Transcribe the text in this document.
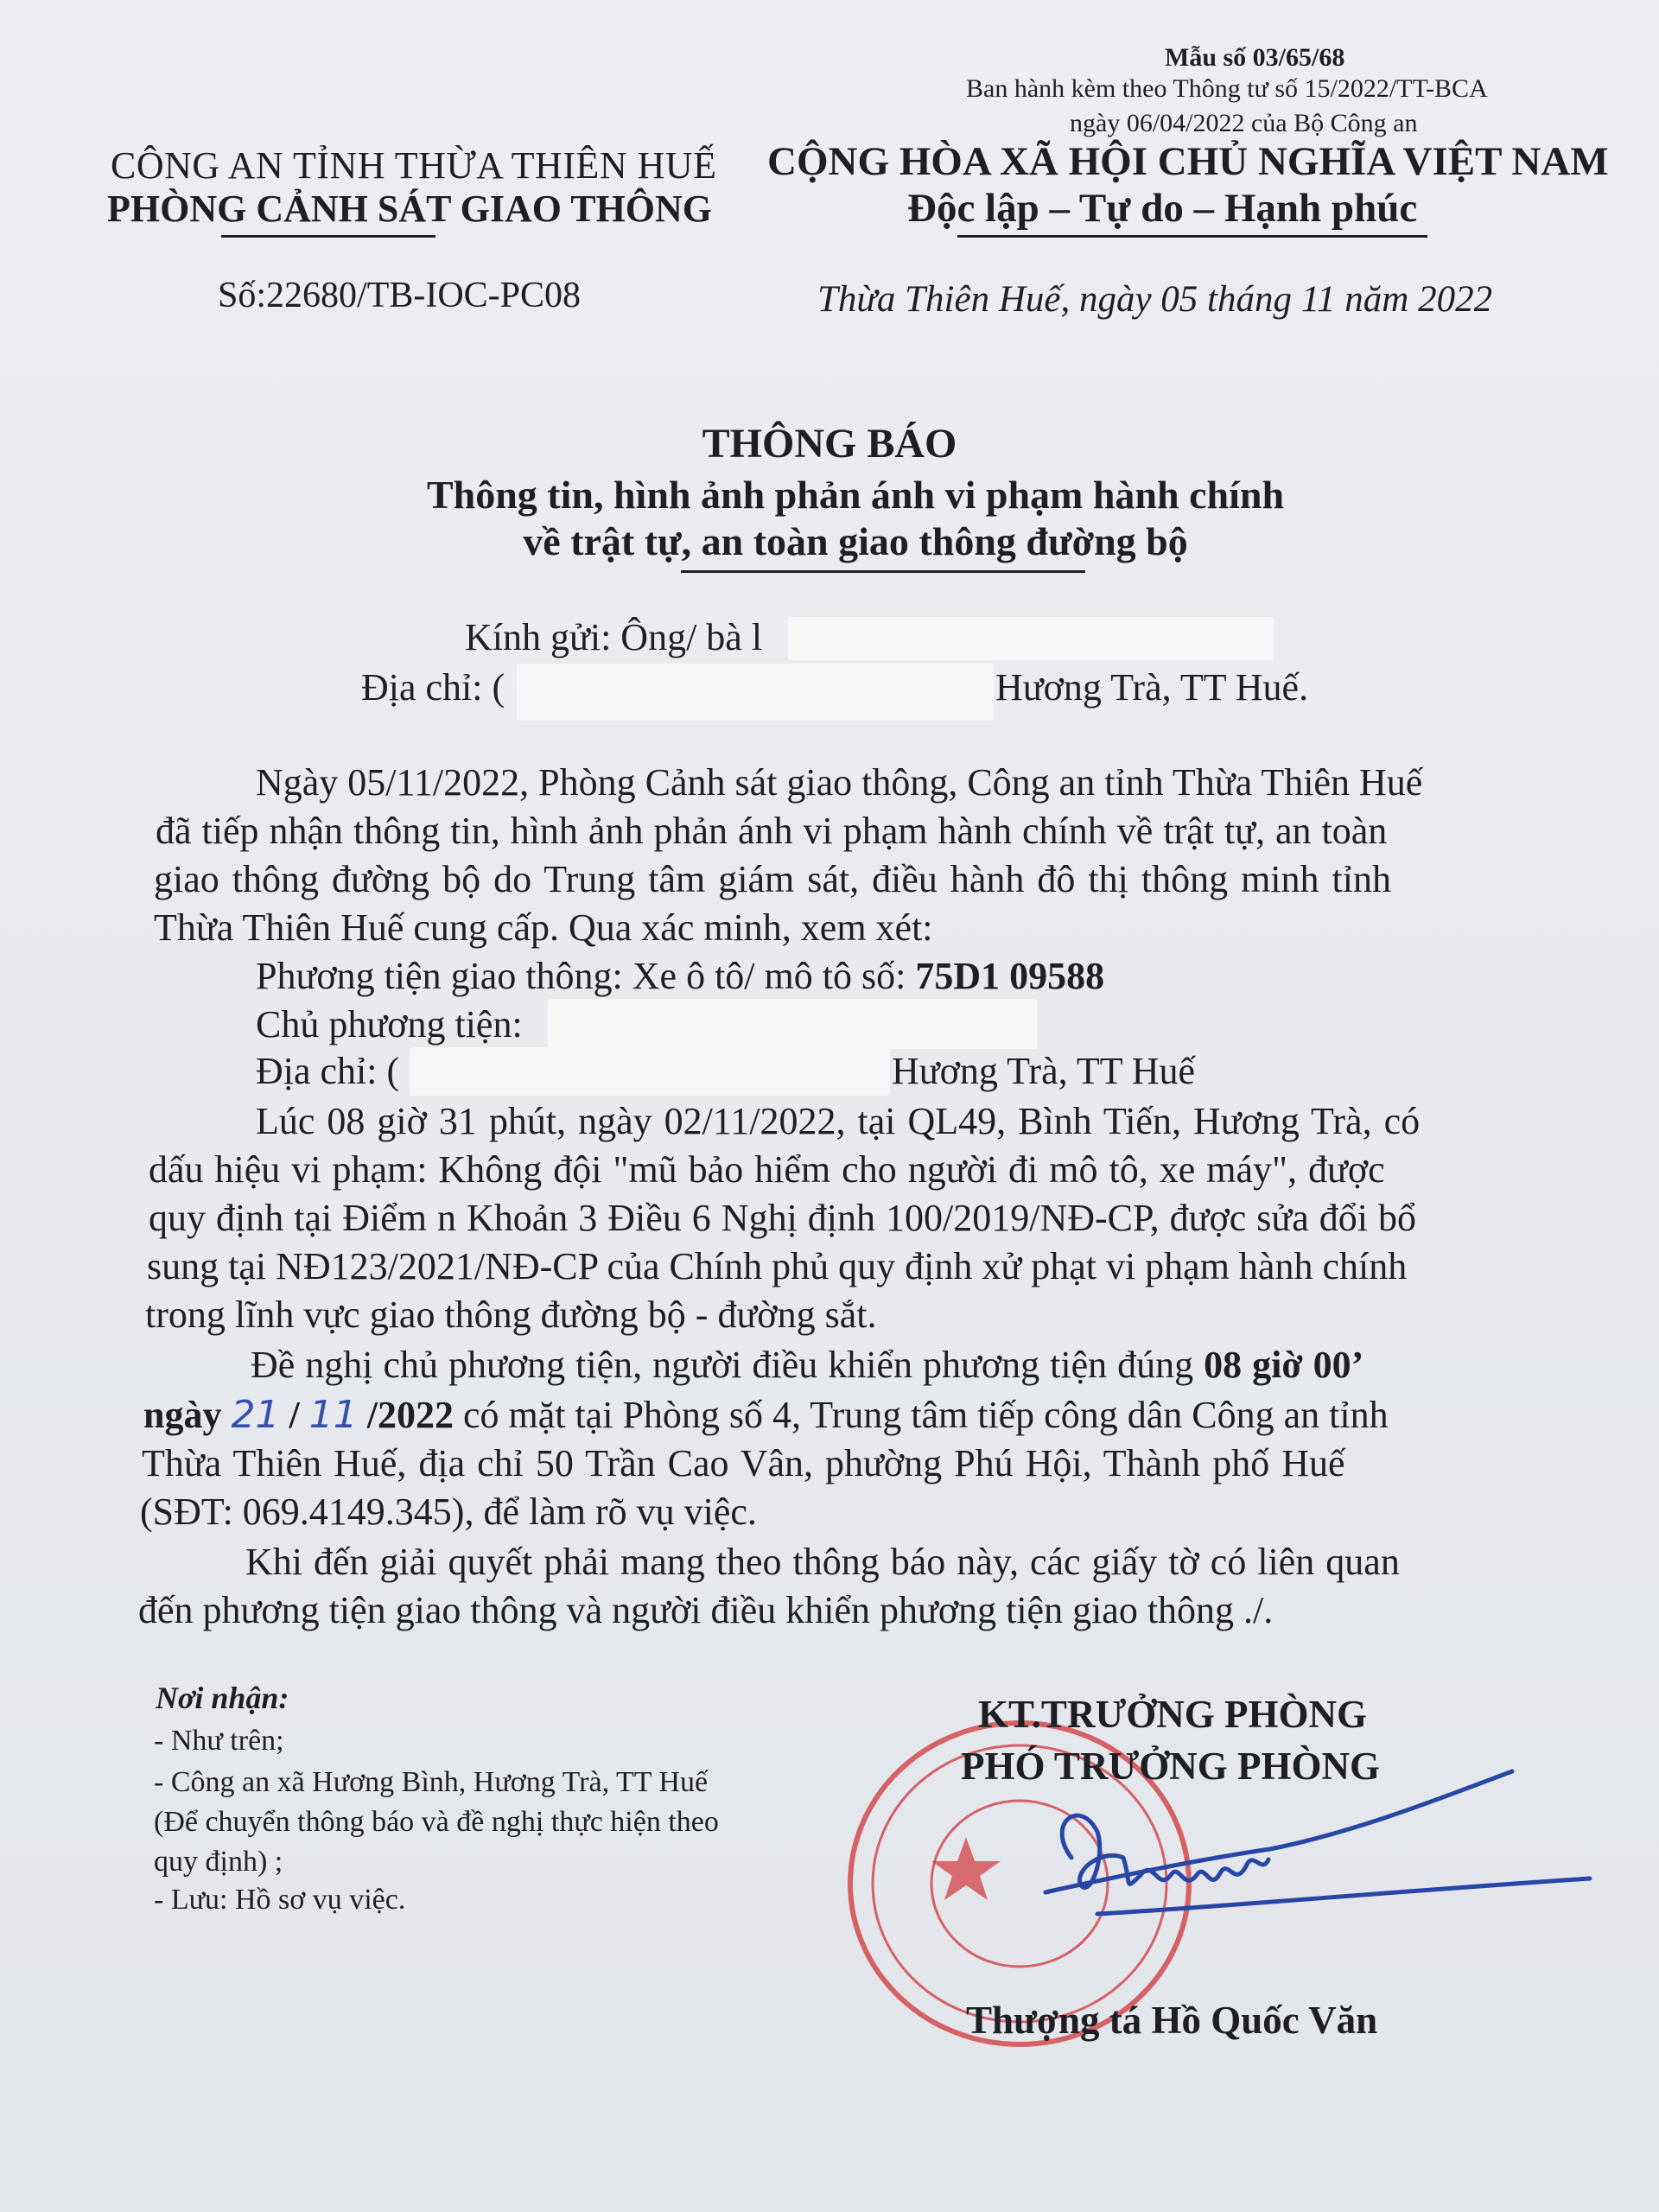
Mẫu số 03/65/68
Ban hành kèm theo Thông tư số 15/2022/TT-BCA
ngày 06/04/2022 của Bộ Công an
CÔNG AN TỈNH THỪA THIÊN HUẾ
PHÒNG CẢNH SÁT GIAO THÔNG
CỘNG HÒA XÃ HỘI CHỦ NGHĨA VIỆT NAM
Độc lập – Tự do – Hạnh phúc
Số:22680/TB-IOC-PC08	Thừa Thiên Huế, ngày 05 tháng 11 năm 2022
THÔNG BÁO
Thông tin, hình ảnh phản ánh vi phạm hành chính
về trật tự, an toàn giao thông đường bộ
Kính gửi: Ông/ bà l
Địa chỉ: (	Hương Trà, TT Huế.
Ngày 05/11/2022, Phòng Cảnh sát giao thông, Công an tỉnh Thừa Thiên Huế
đã tiếp nhận thông tin, hình ảnh phản ánh vi phạm hành chính về trật tự, an toàn
giao thông đường bộ do Trung tâm giám sát, điều hành đô thị thông minh tỉnh
Thừa Thiên Huế cung cấp. Qua xác minh, xem xét:
Phương tiện giao thông: Xe ô tô/ mô tô số: 75D1 09588
Chủ phương tiện:
Địa chỉ: (	Hương Trà, TT Huế
Lúc 08 giờ 31 phút, ngày 02/11/2022, tại QL49, Bình Tiến, Hương Trà, có
dấu hiệu vi phạm: Không đội "mũ bảo hiểm cho người đi mô tô, xe máy", được
quy định tại Điểm n Khoản 3 Điều 6 Nghị định 100/2019/NĐ-CP, được sửa đổi bổ
sung tại NĐ123/2021/NĐ-CP của Chính phủ quy định xử phạt vi phạm hành chính
trong lĩnh vực giao thông đường bộ - đường sắt.
Đề nghị chủ phương tiện, người điều khiển phương tiện đúng 08 giờ 00’
ngày 21 / 11 /2022 có mặt tại Phòng số 4, Trung tâm tiếp công dân Công an tỉnh
Thừa Thiên Huế, địa chỉ 50 Trần Cao Vân, phường Phú Hội, Thành phố Huế
(SĐT: 069.4149.345), để làm rõ vụ việc.
Khi đến giải quyết phải mang theo thông báo này, các giấy tờ có liên quan
đến phương tiện giao thông và người điều khiển phương tiện giao thông ./.
Nơi nhận:
- Như trên;
- Công an xã Hương Bình, Hương Trà, TT Huế
(Để chuyển thông báo và đề nghị thực hiện theo
quy định) ;
- Lưu: Hồ sơ vụ việc.
KT.TRƯỞNG PHÒNG
PHÓ TRƯỞNG PHÒNG
Thượng tá Hồ Quốc Văn
